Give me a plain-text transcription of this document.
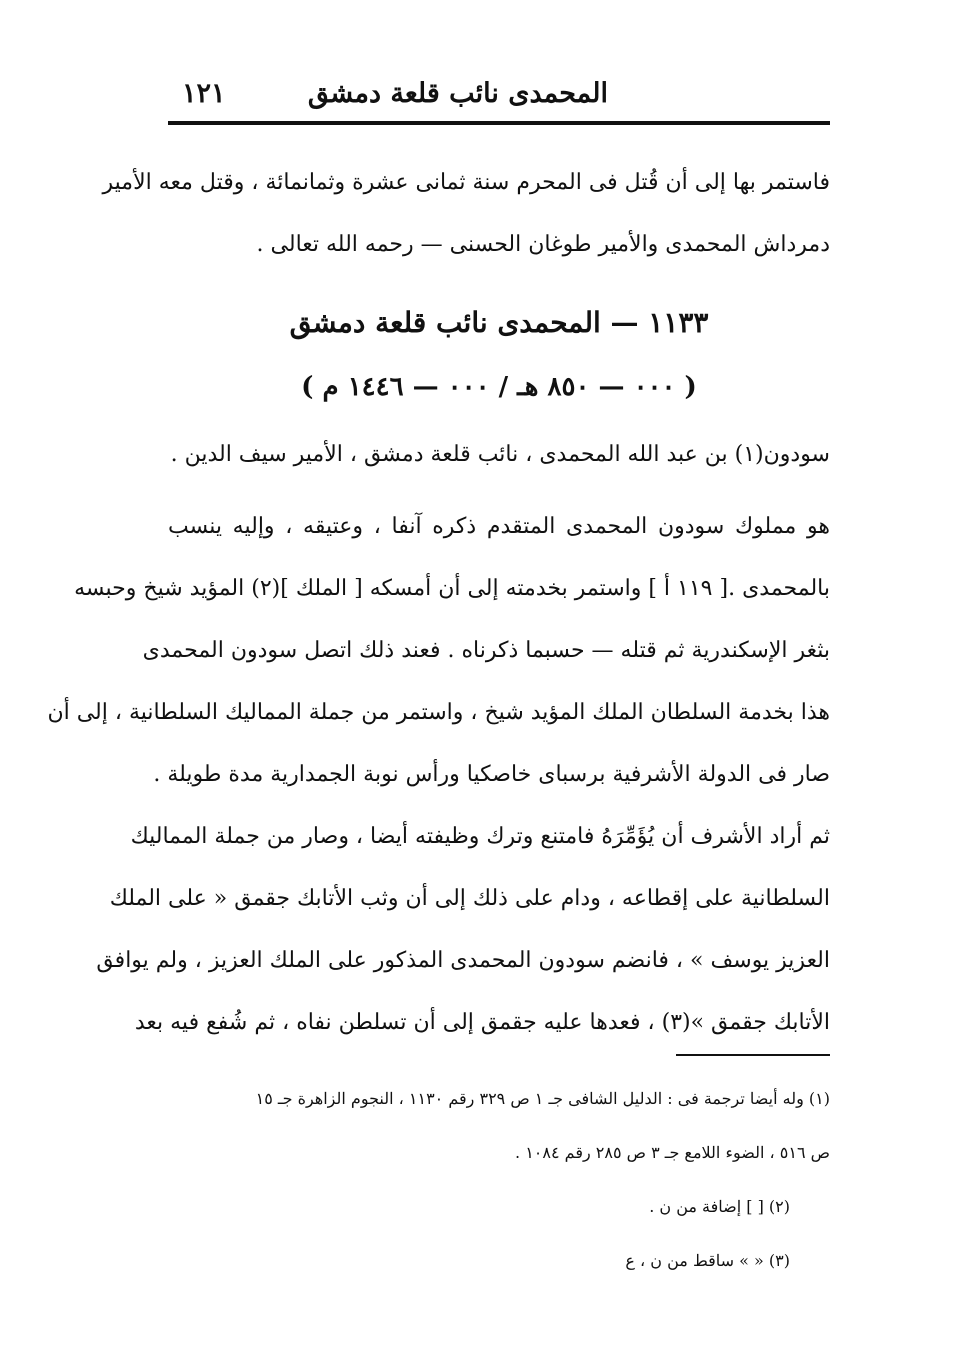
المحمدى نائب قلعة دمشق
١٢١
فاستمر بها إلى أن قُتل فى المحرم سنة ثمانى عشرة وثمانمائة ، وقتل معه الأمير
دمرداش المحمدى والأمير طوغان الحسنى — رحمه الله تعالى .
١١٣٣ — المحمدى نائب قلعة دمشق
( ٠٠٠ — ٨٥٠ هـ / ٠٠٠ — ١٤٤٦ م )
سودون(١) بن عبد الله المحمدى ، نائب قلعة دمشق ، الأمير سيف الدين .
هو مملوك سودون المحمدى المتقدم ذكره آنفا ، وعتيقه ، وإليه ينسب
بالمحمدى .[ ١١٩ أ ] واستمر بخدمته إلى أن أمسكه [ الملك ](٢) المؤيد شيخ وحبسه
بثغر الإسكندرية ثم قتله — حسبما ذكرناه . فعند ذلك اتصل سودون المحمدى
هذا بخدمة السلطان الملك المؤيد شيخ ، واستمر من جملة المماليك السلطانية ، إلى أن
صار فى الدولة الأشرفية برسباى خاصكيا ورأس نوبة الجمدارية مدة طويلة .
ثم أراد الأشرف أن يُؤَمِّرَهُ فامتنع وترك وظيفته أيضا ، وصار من جملة المماليك
السلطانية على إقطاعه ، ودام على ذلك إلى أن وثب الأتابك جقمق « على الملك
العزيز يوسف » ، فانضم سودون المحمدى المذكور على الملك العزيز ، ولم يوافق
الأتابك جقمق »(٣) ، فعدها عليه جقمق إلى أن تسلطن نفاه ، ثم شُفع فيه بعد
(١) وله أيضا ترجمة فى : الدليل الشافى جـ ١ ص ٣٢٩ رقم ١١٣٠ ، النجوم الزاهرة جـ ١٥
ص ٥١٦ ، الضوء اللامع جـ ٣ ص ٢٨٥ رقم ١٠٨٤ .
(٢) [ ] إضافة من ن .
(٣) « » ساقط من ن ، ع
